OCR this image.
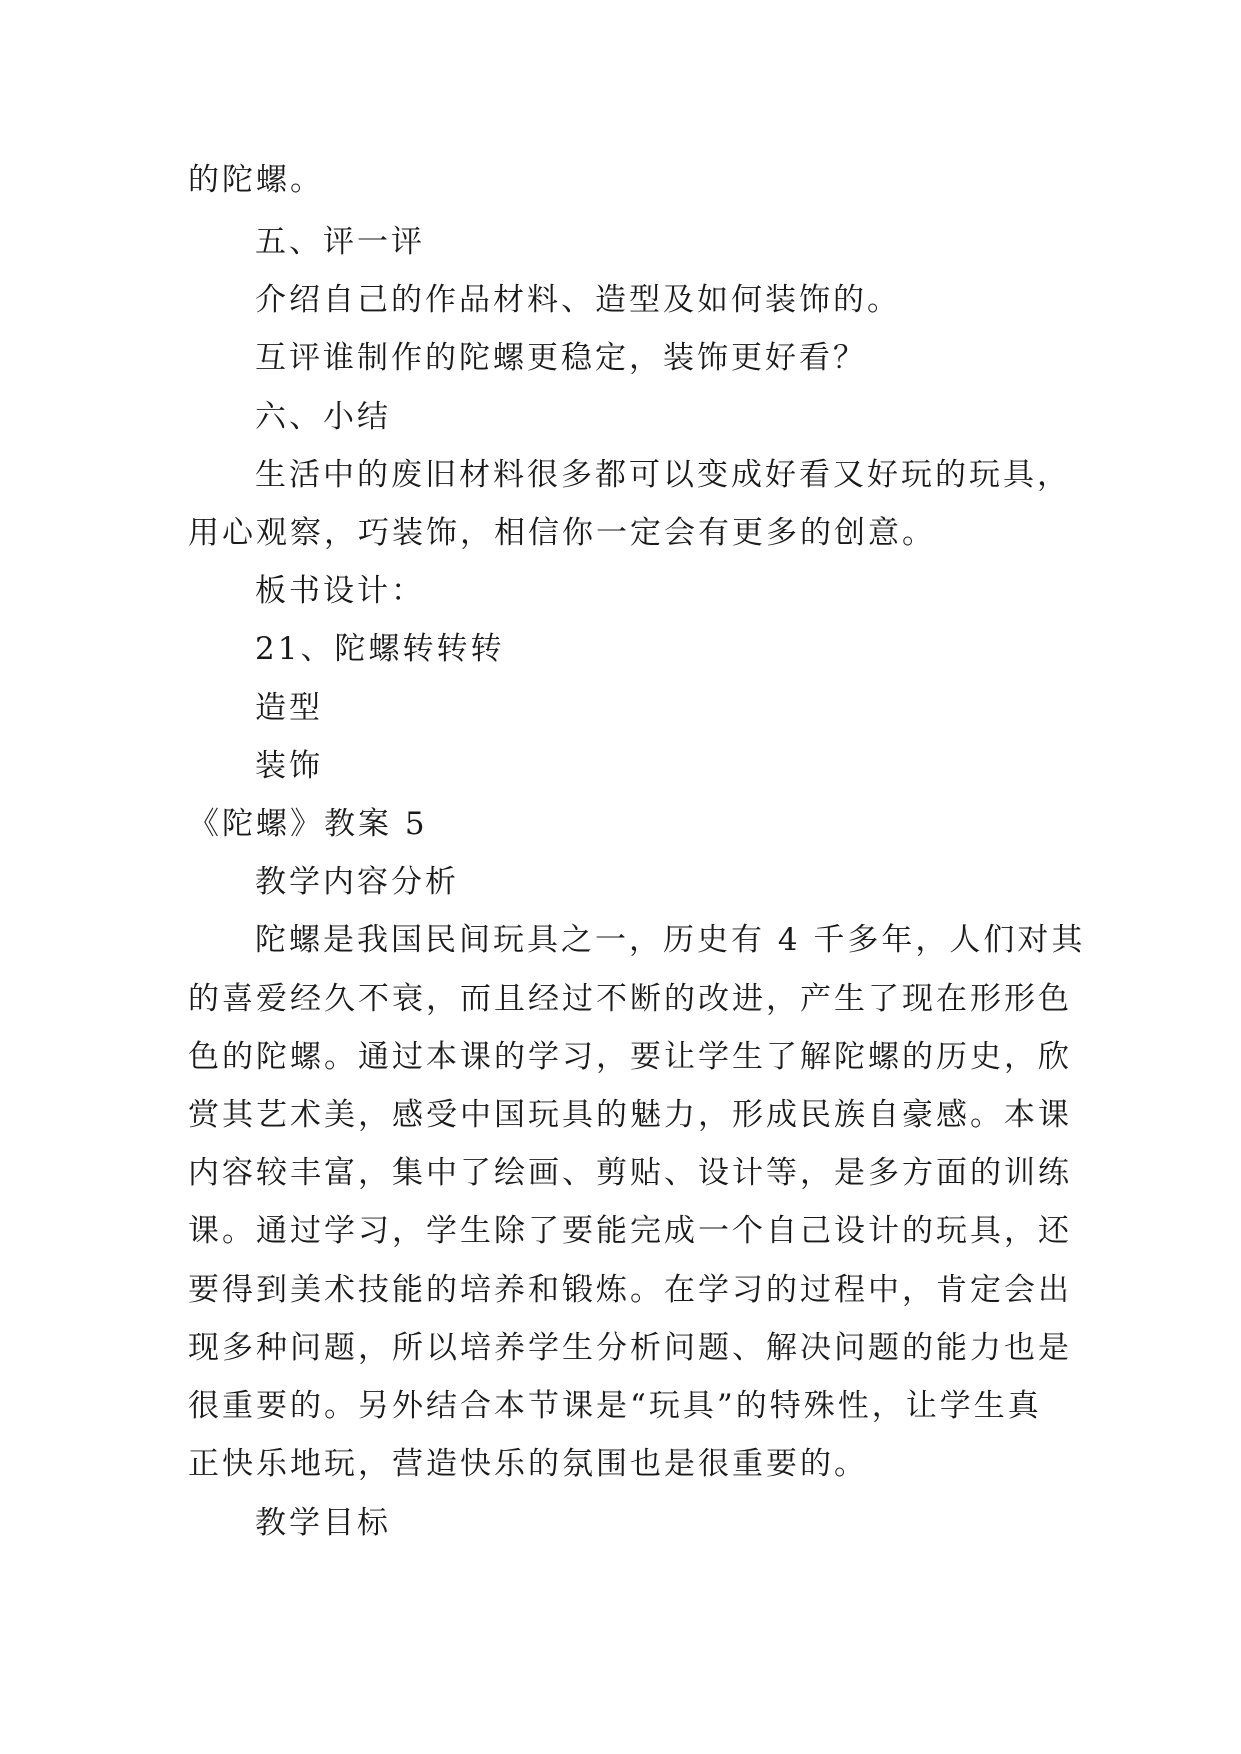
的陀螺。
五、评一评
介绍自己的作品材料、造型及如何装饰的。
互评谁制作的陀螺更稳定，装饰更好看？
六、小结
生活中的废旧材料很多都可以变成好看又好玩的玩具，
用心观察，巧装饰，相信你一定会有更多的创意。
板书设计：
21、陀螺转转转
造型
装饰
《陀螺》教案 5
教学内容分析
陀螺是我国民间玩具之一，历史有 4 千多年，人们对其
的喜爱经久不衰，而且经过不断的改进，产生了现在形形色
色的陀螺。通过本课的学习，要让学生了解陀螺的历史，欣
赏其艺术美，感受中国玩具的魅力，形成民族自豪感。本课
内容较丰富，集中了绘画、剪贴、设计等，是多方面的训练
课。通过学习，学生除了要能完成一个自己设计的玩具，还
要得到美术技能的培养和锻炼。在学习的过程中，肯定会出
现多种问题，所以培养学生分析问题、解决问题的能力也是
很重要的。另外结合本节课是“玩具”的特殊性，让学生真
正快乐地玩，营造快乐的氛围也是很重要的。
教学目标
